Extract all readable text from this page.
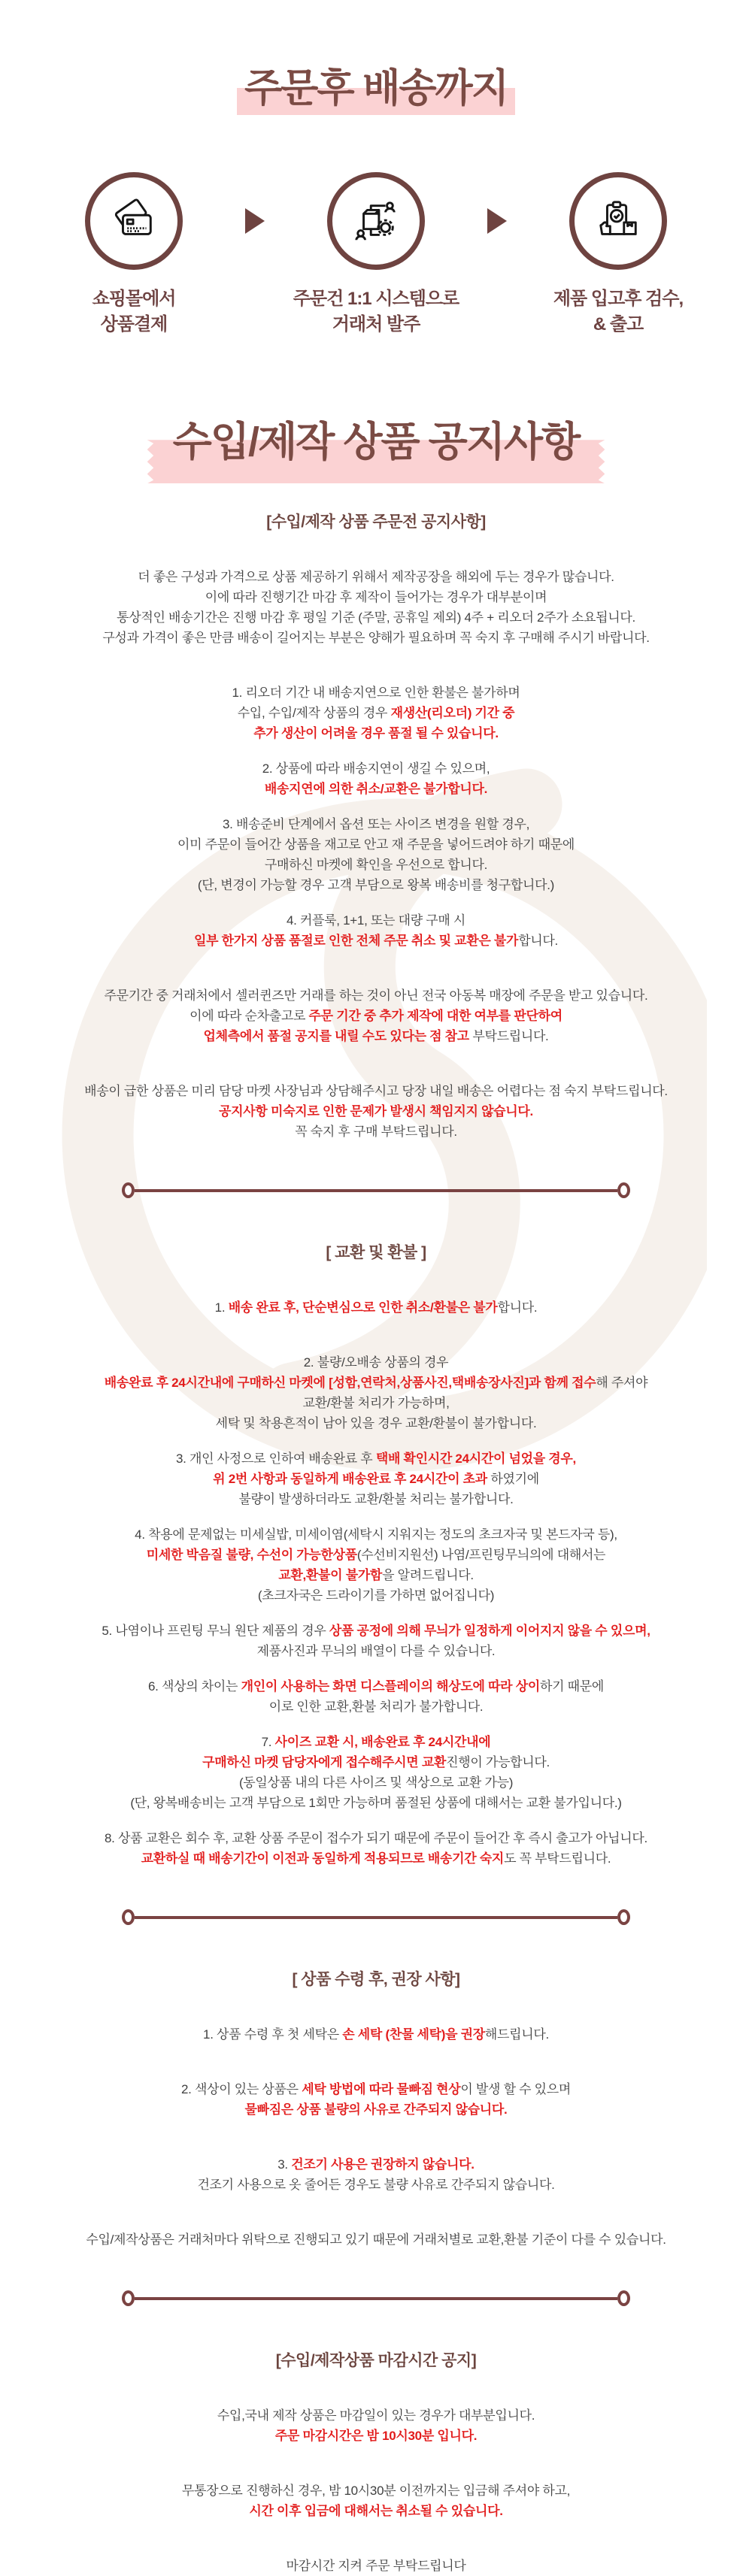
주문후 배송까지
쇼핑몰에서
상품결제
주문건 1:1 시스템으로
거래처 발주
제품 입고후 검수,
& 출고
수입/제작 상품 공지사항
[수입/제작 상품 주문전 공지사항]
더 좋은 구성과 가격으로 상품 제공하기 위해서 제작공장을 해외에 두는 경우가 많습니다.
이에 따라 진행기간 마감 후 제작이 들어가는 경우가 대부분이며
통상적인 배송기간은 진행 마감 후 평일 기준 (주말, 공휴일 제외) 4주 + 리오더 2주가 소요됩니다.
구성과 가격이 좋은 만큼 배송이 길어지는 부분은 양해가 필요하며 꼭 숙지 후 구매해 주시기 바랍니다.
1. 리오더 기간 내 배송지연으로 인한 환불은 불가하며
수입, 수입/제작 상품의 경우 재생산(리오더) 기간 중
추가 생산이 어려울 경우 품절 될 수 있습니다.
2. 상품에 따라 배송지연이 생길 수 있으며,
배송지연에 의한 취소/교환은 불가합니다.
3. 배송준비 단계에서 옵션 또는 사이즈 변경을 원할 경우,
이미 주문이 들어간 상품을 재고로 안고 재 주문을 넣어드려야 하기 때문에
구매하신 마켓에 확인을 우선으로 합니다.
(단, 변경이 가능할 경우 고객 부담으로 왕복 배송비를 청구합니다.)
4. 커플룩, 1+1, 또는 대량 구매 시
일부 한가지 상품 품절로 인한 전체 주문 취소 및 교환은 불가합니다.
주문기간 중 거래처에서 셀러퀸즈만 거래를 하는 것이 아닌 전국 아동복 매장에 주문을 받고 있습니다.
이에 따라 순차출고로 주문 기간 중 추가 제작에 대한 여부를 판단하여
업체측에서 품절 공지를 내릴 수도 있다는 점 참고 부탁드립니다.
배송이 급한 상품은 미리 담당 마켓 사장님과 상담해주시고 당장 내일 배송은 어렵다는 점 숙지 부탁드립니다.
공지사항 미숙지로 인한 문제가 발생시 책임지지 않습니다.
꼭 숙지 후 구매 부탁드립니다.
[ 교환 및 환불 ]
1. 배송 완료 후, 단순변심으로 인한 취소/환불은 불가합니다.
2. 불량/오배송 상품의 경우
배송완료 후 24시간내에 구매하신 마켓에 [성함,연락처,상품사진,택배송장사진]과 함께 접수해 주셔야
교환/환불 처리가 가능하며,
세탁 및 착용흔적이 남아 있을 경우 교환/환불이 불가합니다.
3. 개인 사정으로 인하여 배송완료 후 택배 확인시간 24시간이 넘었을 경우,
위 2번 사항과 동일하게 배송완료 후 24시간이 초과 하였기에
불량이 발생하더라도 교환/환불 처리는 불가합니다.
4. 착용에 문제없는 미세실밥, 미세이염(세탁시 지워지는 정도의 초크자국 및 본드자국 등),
미세한 박음질 불량, 수선이 가능한상품(수선비지원선) 나염/프린팅무늬의에 대해서는
교환,환불이 불가함을 알려드립니다.
(초크자국은 드라이기를 가하면 없어집니다)
5. 나염이나 프린팅 무늬 원단 제품의 경우 상품 공정에 의해 무늬가 일정하게 이어지지 않을 수 있으며,
제품사진과 무늬의 배열이 다를 수 있습니다.
6. 색상의 차이는 개인이 사용하는 화면 디스플레이의 해상도에 따라 상이하기 때문에
이로 인한 교환,환불 처리가 불가합니다.
7. 사이즈 교환 시, 배송완료 후 24시간내에
구매하신 마켓 담당자에게 접수해주시면 교환진행이 가능합니다.
(동일상품 내의 다른 사이즈 및 색상으로 교환 가능)
(단, 왕복배송비는 고객 부담으로 1회만 가능하며 품절된 상품에 대해서는 교환 불가입니다.)
8. 상품 교환은 회수 후, 교환 상품 주문이 접수가 되기 때문에 주문이 들어간 후 즉시 출고가 아닙니다.
교환하실 때 배송기간이 이전과 동일하게 적용되므로 배송기간 숙지도 꼭 부탁드립니다.
[ 상품 수령 후, 권장 사항]
1. 상품 수령 후 첫 세탁은 손 세탁 (찬물 세탁)을 권장해드립니다.
2. 색상이 있는 상품은 세탁 방법에 따라 물빠짐 현상이 발생 할 수 있으며
물빠짐은 상품 불량의 사유로 간주되지 않습니다.
3. 건조기 사용은 권장하지 않습니다.
건조기 사용으로 옷 줄어든 경우도 불량 사유로 간주되지 않습니다.
수입/제작상품은 거래처마다 위탁으로 진행되고 있기 때문에 거래처별로 교환,환불 기준이 다를 수 있습니다.
[수입/제작상품 마감시간 공지]
수입,국내 제작 상품은 마감일이 있는 경우가 대부분입니다.
주문 마감시간은 밤 10시30분 입니다.
무통장으로 진행하신 경우, 밤 10시30분 이전까지는 입금해 주셔야 하고,
시간 이후 입금에 대해서는 취소될 수 있습니다.
마감시간 지켜 주문 부탁드립니다
